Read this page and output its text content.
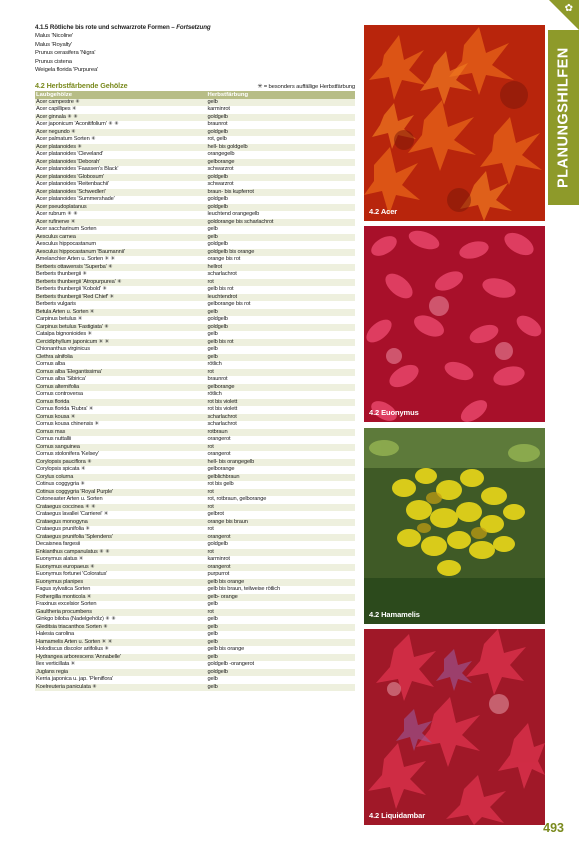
4.1.5 Rötliche bis rote und schwarzrote Formen – Fortsetzung
Malus 'Nicoline'
Malus 'Royalty'
Prunus cerasifera 'Nigra'
Prunus cistena
Weigela florida 'Purpurea'
4.2 Herbstfärbende Gehölze	✳ = besonders auffällige Herbstfärbung
Laubgehölze	Herbstfärbung
Acer campestre ✳	gelb
Acer capillipes ✳	karminrot
Acer ginnala ✳ ✳	goldgelb
Acer japonicum 'Aconitifolium' ✳ ✳	braunrot
Acer negundo ✳	goldgelb
Acer palmatum Sorten ✳	rot, gelb
Acer platanoides ✳	hell- bis goldgelb
Acer platanoides 'Cleveland'	orangegelb
Acer platanoides 'Deborah'	gelborange
Acer platanoides 'Faassen's Black'	schwarzrot
Acer platanoides 'Globosum'	goldgelb
Acer platanoides 'Reitenbachii'	schwarzrot
Acer platanoides 'Schwedleri'	braun- bis kupferrot
Acer platanoides 'Summershade'	goldgelb
Acer pseudoplatanus	goldgelb
Acer rubrum ✳ ✳	leuchtend orangegelb
Acer rufinerve ✳	goldorange bis scharlachrot
Acer saccharinum Sorten	gelb
Aesculus carnea	gelb
Aesculus hippocastanum	goldgelb
Aesculus hippocastanum 'Baumannii'	goldgelb bis orange
Amelanchier Arten u. Sorten ✳ ✳	orange bis rot
Berberis ottawensis 'Superba' ✳	hellrot
Berberis thunbergii ✳	scharlachrot
Berberis thunbergii 'Atropurpurea' ✳	rot
Berberis thunbergii 'Kobold' ✳	gelb bis rot
Berberis thunbergii 'Red Chief' ✳	leuchtendrot
Berberis vulgaris	gelborange bis rot
Betula Arten u. Sorten ✳	gelb
Carpinus betulus ✳	goldgelb
Carpinus betulus 'Fastigiata' ✳	goldgelb
Catalpa bignonioides ✳	gelb
Cercidiphyllum japonicum ✳ ✳	gelb bis rot
Chionanthus virginicus	gelb
Clethra alnifolia	gelb
Cornus alba	rötlich
Cornus alba 'Elegantissima'	rot
Cornus alba 'Sibirica'	braunrot
Cornus alternifolia	gelborange
Cornus controversa	rötlich
Cornus florida	rot bis violett
Cornus florida 'Rubra' ✳	rot bis violett
Cornus kousa ✳	scharlachrot
Cornus kousa chinensis ✳	scharlachrot
Cornus mas	rotbraun
Cornus nuttallii	orangerot
Cornus sanguinea	rot
Cornus stolonifera 'Kelsey'	orangerot
Corylopsis pauciflora ✳	hell- bis orangegelb
Corylopsis spicata ✳	gelborange
Corylus colurna	gelblichbraun
Cotinus coggygria ✳	rot bis gelb
Cotinus coggygria 'Royal Purple'	rot
Cotoneaster Arten u. Sorten	rot, rotbraun, gelborange
Crataegus coccinea ✳ ✳	rot
Crataegus lavallei 'Carrierei' ✳	gelbrot
Crataegus monogyna	orange bis braun
Crataegus prunifolia ✳	rot
Crataegus prunifolia 'Splendens'	orangerot
Decaisnea fargesii	goldgelb
Enkianthus campanulatus ✳ ✳	rot
Euonymus alatus ✳	karminrot
Euonymus europaeus ✳	orangerot
Euonymus fortunei 'Coloratus'	purpurrot
Euonymus planipes	gelb bis orange
Fagus sylvatica Sorten	gelb bis braun, teilweise rötlich
Fothergilla monticola ✳	gelb- orange
Fraxinus excelsior Sorten	gelb
Gaultheria procumbens	rot
Ginkgo biloba (Nadelgehölz) ✳ ✳	gelb
Gleditsia triacanthos Sorten ✳	gelb
Halesia carolina	gelb
Hamamelis Arten u. Sorten ✳ ✳	gelb
Holodiscus discolor ariifolius ✳	gelb bis orange
Hydrangea arborescens 'Annabelle'	gelb
Ilex verticillata ✳	goldgelb -orangerot
Juglans regia	goldgelb
Kerria japonica u. jap. 'Pleniflora'	gelb
Koelreuteria paniculata ✳	gelb
4.2 Acer
4.2 Euonymus
4.2 Hamamelis
4.2 Liquidambar
✿
PLANUNGSHILFEN
493
